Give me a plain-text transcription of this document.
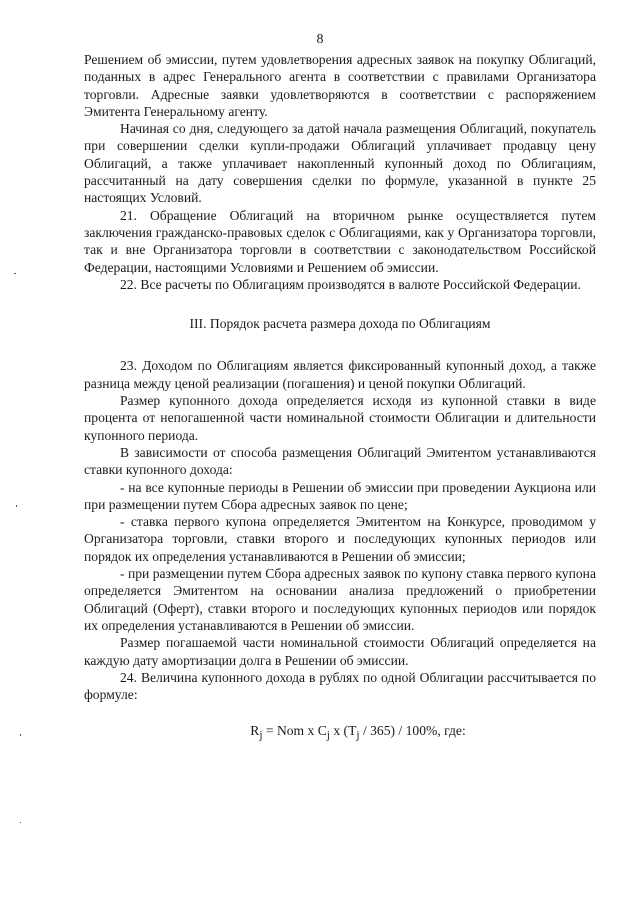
8

Решением об эмиссии, путем удовлетворения адресных заявок на покупку Облигаций, поданных в адрес Генерального агента в соответствии с правилами Организатора торговли. Адресные заявки удовлетворяются в соответствии с распоряжением Эмитента Генеральному агенту.

Начиная со дня, следующего за датой начала размещения Облигаций, покупатель при совершении сделки купли-продажи Облигаций уплачивает продавцу цену Облигаций, а также уплачивает накопленный купонный доход по Облигациям, рассчитанный на дату совершения сделки по формуле, указанной в пункте 25 настоящих Условий.

21. Обращение Облигаций на вторичном рынке осуществляется путем заключения гражданско-правовых сделок с Облигациями, как у Организатора торговли, так и вне Организатора торговли в соответствии с законодательством Российской Федерации, настоящими Условиями и Решением об эмиссии.

22. Все расчеты по Облигациям производятся в валюте Российской Федерации.

III. Порядок расчета размера дохода по Облигациям

23. Доходом по Облигациям является фиксированный купонный доход, а также разница между ценой реализации (погашения) и ценой покупки Облигаций.

Размер купонного дохода определяется исходя из купонной ставки в виде процента от непогашенной части номинальной стоимости Облигации и длительности купонного периода.

В зависимости от способа размещения Облигаций Эмитентом устанавливаются ставки купонного дохода:

- на все купонные периоды в Решении об эмиссии при проведении Аукциона или при размещении путем Сбора адресных заявок по цене;

- ставка первого купона определяется Эмитентом на Конкурсе, проводимом у Организатора торговли, ставки второго и последующих купонных периодов или порядок их определения устанавливаются в Решении об эмиссии;

- при размещении путем Сбора адресных заявок по купону ставка первого купона определяется Эмитентом на основании анализа предложений о приобретении Облигаций (Оферт), ставки второго и последующих купонных периодов или порядок их определения устанавливаются в Решении об эмиссии.

Размер погашаемой части номинальной стоимости Облигаций определяется на каждую дату амортизации долга в Решении об эмиссии.

24. Величина купонного дохода в рублях по одной Облигации рассчитывается по формуле:

$R_j$ = Nom х $C_j$ х $(T_j / 365) / 100\%$, где:
